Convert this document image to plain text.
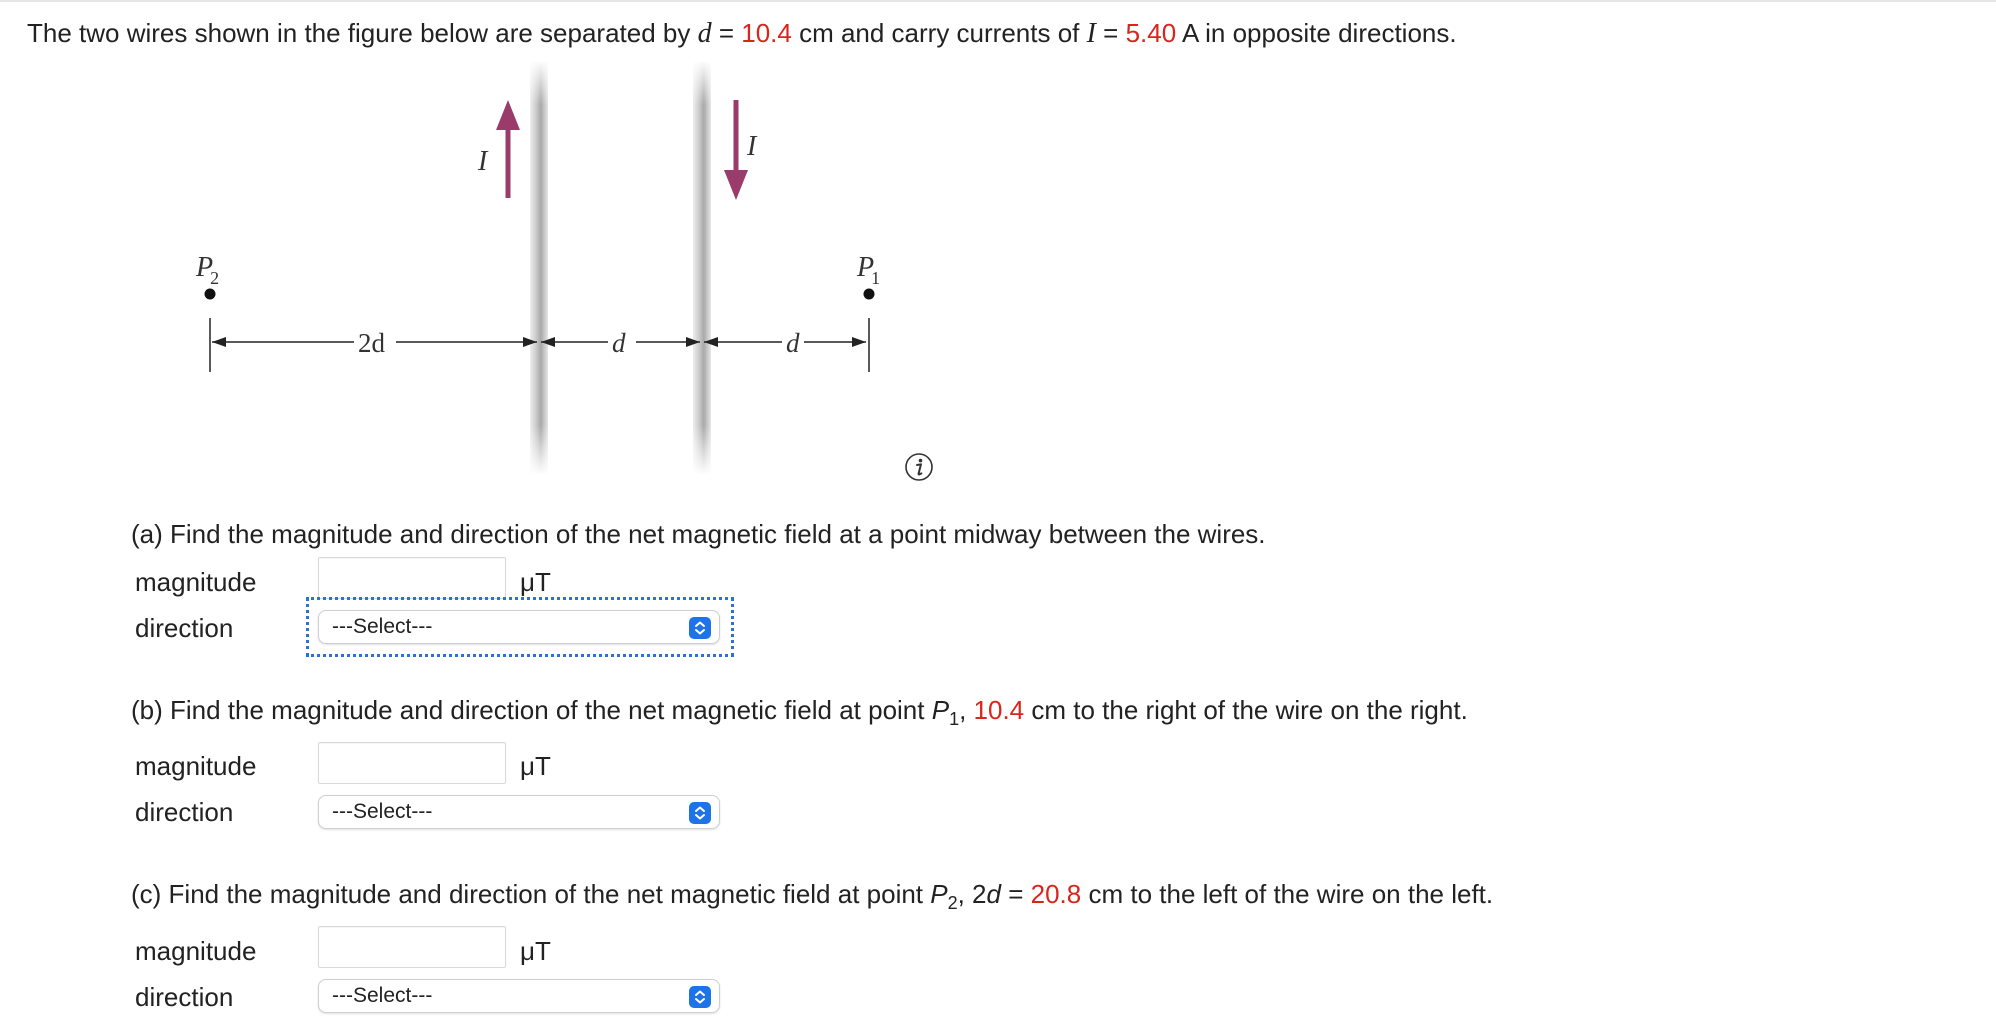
The two wires shown in the figure below are separated by d = 10.4 cm and carry currents of I = 5.40 A in opposite directions.
I	I
P2	P1
2d	d	d
(a) Find the magnitude and direction of the net magnetic field at a point midway between the wires.
magnitude	μT
direction	---Select---
(b) Find the magnitude and direction of the net magnetic field at point $P_1$, 10.4 cm to the right of the wire on the right.
magnitude	μT
direction	---Select---
(c) Find the magnitude and direction of the net magnetic field at point $P_2$, 2d = 20.8 cm to the left of the wire on the left.
magnitude	μT
direction	---Select---
